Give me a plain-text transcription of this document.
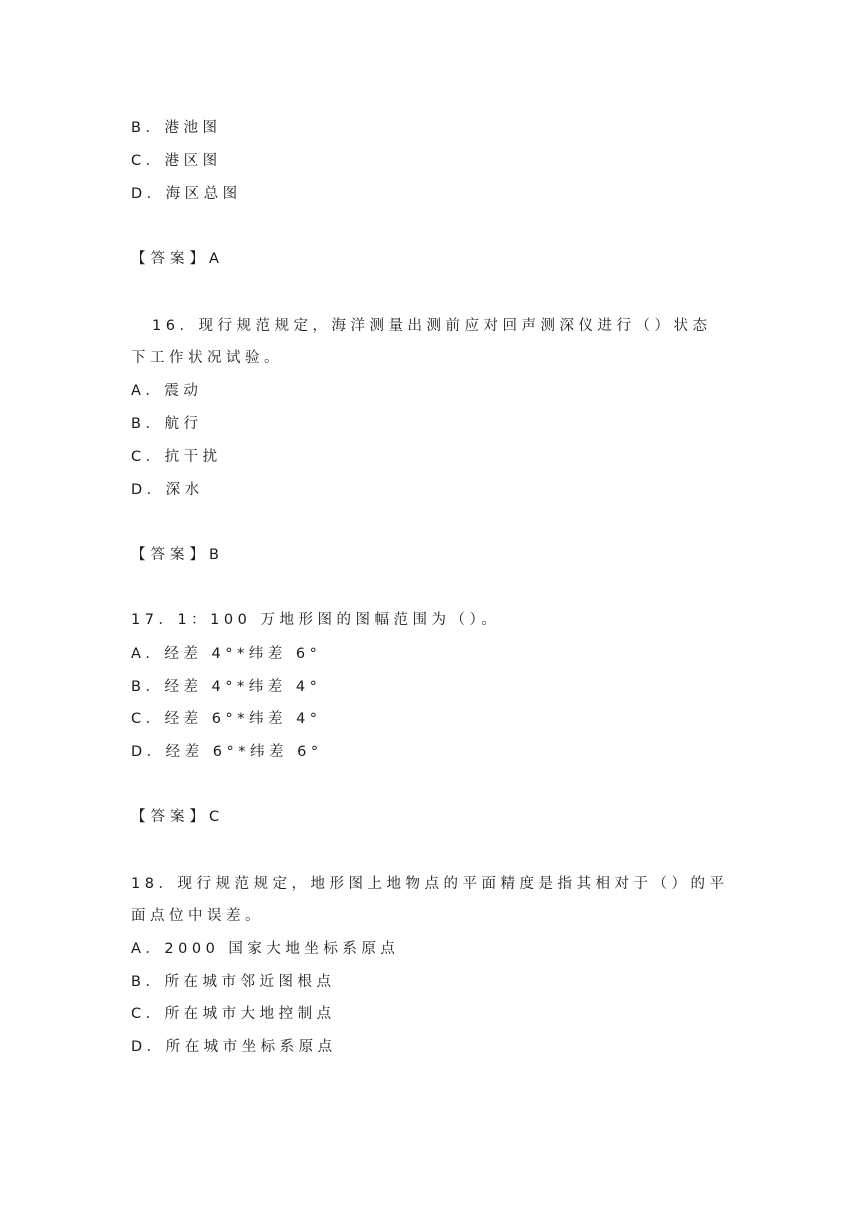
B．港池图
C．港区图
D．海区总图
【答案】A
16．现行规范规定，海洋测量出测前应对回声测深仪进行（）状态
下工作状况试验。
A．震动
B．航行
C．抗干扰
D．深水
【答案】B
17．1：100 万地形图的图幅范围为（）。
A．经差 4°*纬差 6°
B．经差 4°*纬差 4°
C．经差 6°*纬差 4°
D．经差 6°*纬差 6°
【答案】C
18．现行规范规定，地形图上地物点的平面精度是指其相对于（）的平
面点位中误差。
A．2000 国家大地坐标系原点
B．所在城市邻近图根点
C．所在城市大地控制点
D．所在城市坐标系原点
